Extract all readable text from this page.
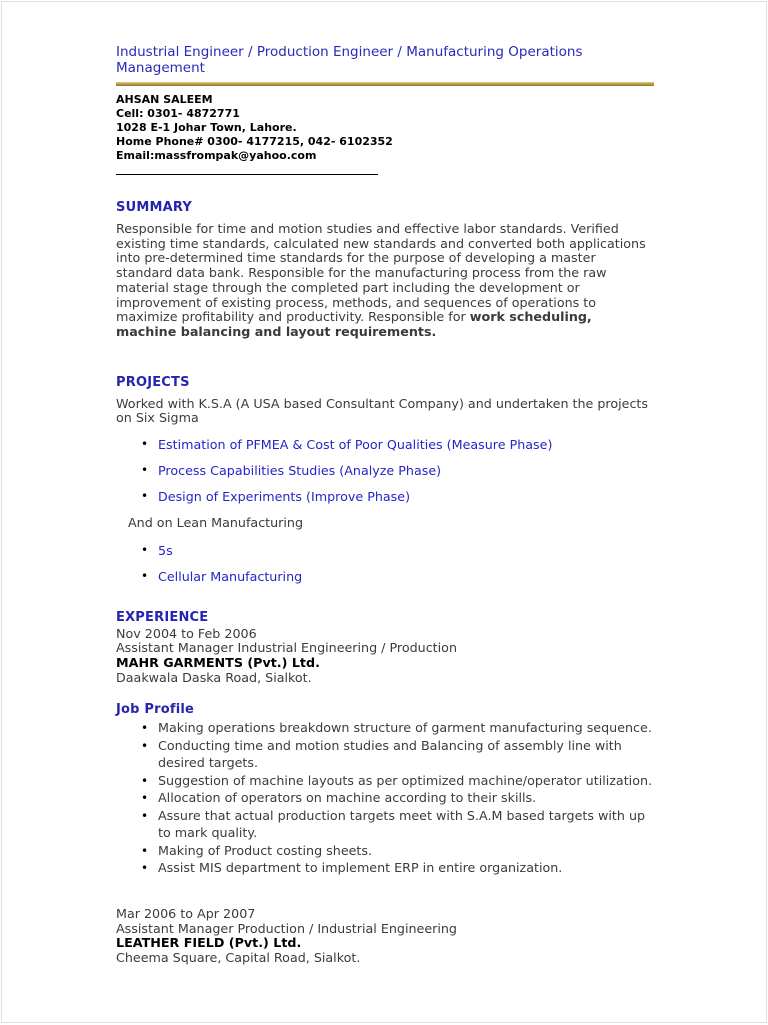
Industrial Engineer / Production Engineer / Manufacturing Operations Management
AHSAN SALEEM
Cell: 0301- 4872771
1028 E-1 Johar Town, Lahore.
Home Phone# 0300- 4177215, 042- 6102352
Email:massfrompak@yahoo.com
SUMMARY

Responsible for time and motion studies and effective labor standards. Verified existing time standards, calculated new standards and converted both applications into pre-determined time standards for the purpose of developing a master standard data bank. Responsible for the manufacturing process from the raw material stage through the completed part including the development or improvement of existing process, methods, and sequences of operations to maximize profitability and productivity. Responsible for work scheduling, machine balancing and layout requirements.

PROJECTS

Worked with K.S.A (A USA based Consultant Company) and undertaken the projects on Six Sigma

• Estimation of PFMEA & Cost of Poor Qualities (Measure Phase)
• Process Capabilities Studies (Analyze Phase)
• Design of Experiments (Improve Phase)

And on Lean Manufacturing

• 5s
• Cellular Manufacturing
EXPERIENCE
Nov 2004 to Feb 2006
Assistant Manager Industrial Engineering / Production
MAHR GARMENTS (Pvt.) Ltd.
Daakwala Daska Road, Sialkot.
Job Profile
• Making operations breakdown structure of garment manufacturing sequence.
• Conducting time and motion studies and Balancing of assembly line with desired targets.
• Suggestion of machine layouts as per optimized machine/operator utilization.
• Allocation of operators on machine according to their skills.
• Assure that actual production targets meet with S.A.M based targets with up to mark quality.
• Making of Product costing sheets.
• Assist MIS department to implement ERP in entire organization.
Mar 2006 to Apr 2007
Assistant Manager Production / Industrial Engineering
LEATHER FIELD (Pvt.) Ltd.
Cheema Square, Capital Road, Sialkot.
